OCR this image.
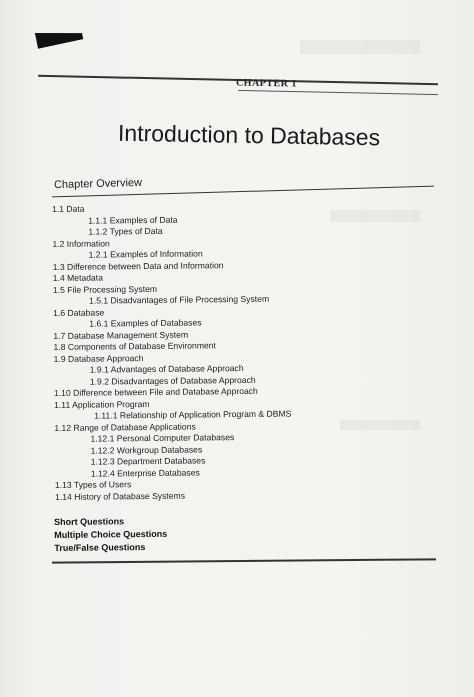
CHAPTER 1
Introduction to Databases
Chapter Overview
1.1 Data
1.1.1 Examples of Data
1.1.2 Types of Data
1.2 Information
1.2.1 Examples of Information
1.3 Difference between Data and Information
1.4 Metadata
1.5 File Processing System
1.5.1 Disadvantages of File Processing System
1.6 Database
1.6.1 Examples of Databases
1.7 Database Management System
1.8 Components of Database Environment
1.9 Database Approach
1.9.1 Advantages of Database Approach
1.9.2 Disadvantages of Database Approach
1.10 Difference between File and Database Approach
1.11 Application Program
1.11.1 Relationship of Application Program & DBMS
1.12 Range of Database Applications
1.12.1 Personal Computer Databases
1.12.2 Workgroup Databases
1.12.3 Department Databases
1.12.4 Enterprise Databases
1.13 Types of Users
1.14 History of Database Systems
Short Questions
Multiple Choice Questions
True/False Questions
